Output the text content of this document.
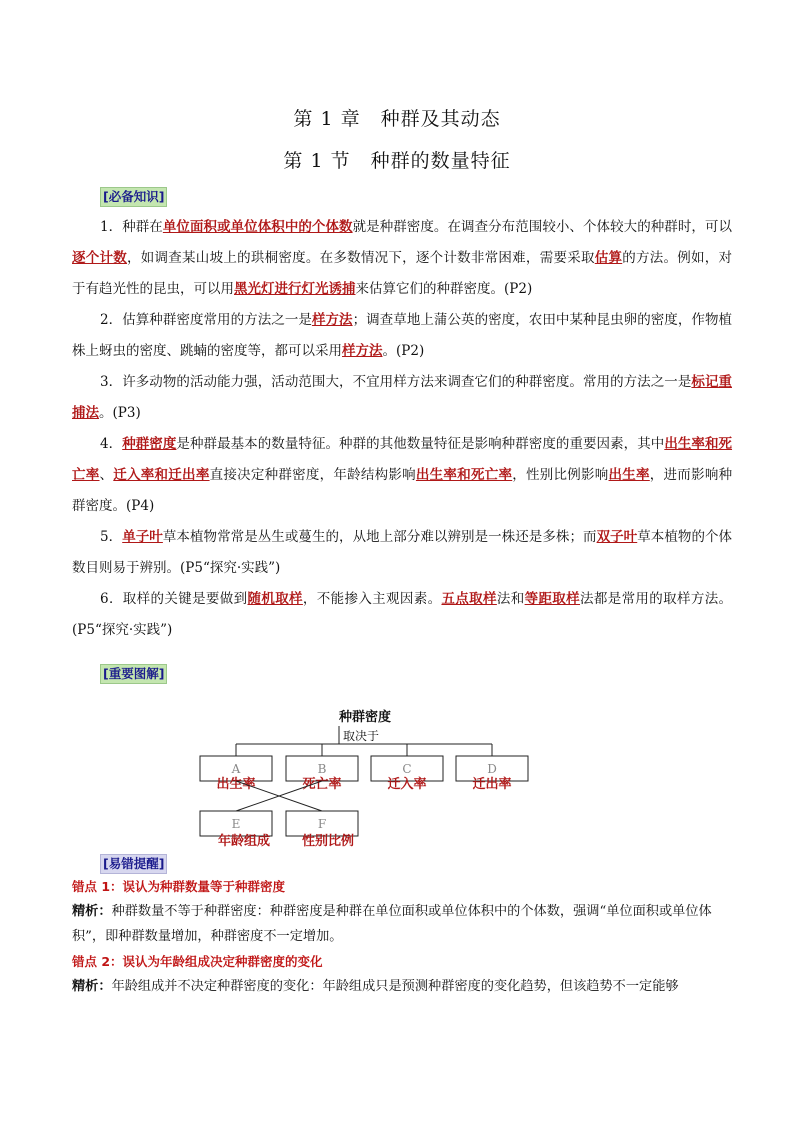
第 1 章　种群及其动态
第 1 节　种群的数量特征
[必备知识]

1．种群在单位面积或单位体积中的个体数就是种群密度。在调查分布范围较小、个体较大的种群时，可以逐个计数，如调查某山坡上的珙桐密度。在多数情况下，逐个计数非常困难，需要采取估算的方法。例如，对于有趋光性的昆虫，可以用黑光灯进行灯光诱捕来估算它们的种群密度。(P2)

2．估算种群密度常用的方法之一是样方法；调查草地上蒲公英的密度，农田中某种昆虫卵的密度，作物植株上蚜虫的密度、跳蝻的密度等，都可以采用样方法。(P2)

3．许多动物的活动能力强，活动范围大，不宜用样方法来调查它们的种群密度。常用的方法之一是标记重捕法。(P3)

4．种群密度是种群最基本的数量特征。种群的其他数量特征是影响种群密度的重要因素，其中出生率和死亡率、迁入率和迁出率直接决定种群密度，年龄结构影响出生率和死亡率，性别比例影响出生率，进而影响种群密度。(P4)

5．单子叶草本植物常常是丛生或蔓生的，从地上部分难以辨别是一株还是多株；而双子叶草本植物的个体数目则易于辨别。(P5“探究·实践”)

6．取样的关键是要做到随机取样，不能掺入主观因素。五点取样法和等距取样法都是常用的取样方法。(P5“探究·实践”)

[重要图解]
种群密度
取决于
A	B	C	D
出生率	死亡率	迁入率	迁出率
E	F
年龄组成 性别比例
[易错提醒]

错点 1：误认为种群数量等于种群密度

精析：种群数量不等于种群密度：种群密度是种群在单位面积或单位体积中的个体数，强调“单位面积或单位体积”，即种群数量增加，种群密度不一定增加。

错点 2：误认为年龄组成决定种群密度的变化

精析：年龄组成并不决定种群密度的变化：年龄组成只是预测种群密度的变化趋势，但该趋势不一定能够
